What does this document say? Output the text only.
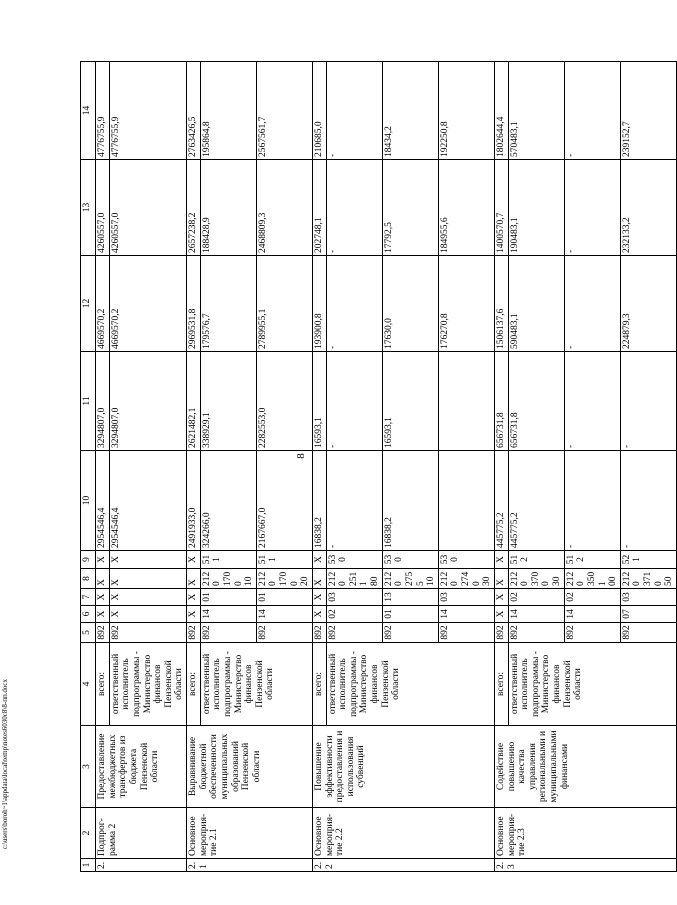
8
c:\users\boroh~1\appdata\local\temp\notes6030c8\8-пп.docx
1	2	3	4	5	6	7	8	9	10	11	12	13	14
2.	Подпрог-рамма 2	Предоставление межбюджетных трансфертов из бюджета Пензенской области	всего:	892	X	X	X	X	2954546,4	3294807,0	4669570,2	4260557,0	4776755,9
			ответственный исполнитель подпрограммы - Министерство финансов Пензенской области	892	X	X	X	X	2954546,4	3294807,0	4669570,2	4260557,0	4776755,9
2.1	Основное мероприя-тие 2.1	Выравнивание бюджетной обеспеченности муниципальных образований Пензенской области	всего:	892	X	X	X	X	2491933,0	2621482,1	2969531,8	2657238,2	2763426,5
			ответственный исполнитель подпрограммы - Министерство финансов Пензенской области	892	14	01	2120 1700 10	511	324266,0	338929,1	179576,7	188428,9	195864,8
				892	14	01	2120 1700 20	511	2167667,0	2282553,0	2789955,1	2468809,3	2567561,7
2.2	Основное мероприя-тие 2.2	Повышение эффективности предоставления и использования субвенций	всего:	892	X	X	X	X	16838,2	16593,1	193900,8	202748,1	210685,0
			ответственный исполнитель подпрограммы - Министерство финансов Пензенской области	892	02	03	2120 2511 80	530	-	-	-	-	-
				892	01	13	2120 2755 10	530	16838,2	16593,1	17630,0	17792,5	18434,2
				892	14	03	2120 2740 30	530			176270,8	184955,6	192250,8
2.3	Основное мероприя-тие 2.3	Содействие повышению качества управления региональными и муниципальными финансами	всего:	892	X	X	X	X	445775,2	656731,8	1506137,6	1400570,7	1802644,4
			ответственный исполнитель подпрограммы - Министерство финансов Пензенской области	892	14	02	2120 3700 30	512	445775,2	656731,8	590483,1	190483,1	570483,1
				892	14	02	2120 3501 00	512	-	-	-	-	-
				892	07	03	2120 3710 50	521	-	-	224879,3	232133,2	239152,7
